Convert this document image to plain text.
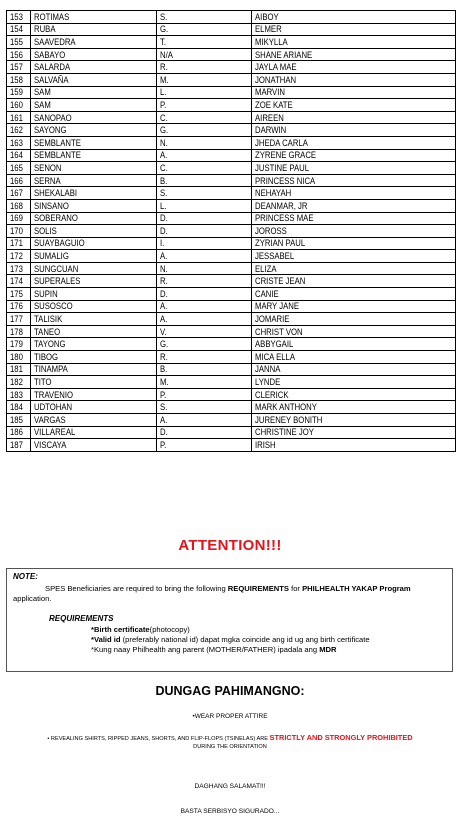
153	ROTIMAS	S.	AIBOY
154	RUBA	G.	ELMER
155	SAAVEDRA	T.	MIKYLLA
156	SABAYO	N/A	SHANE ARIANE
157	SALARDA	R.	JAYLA MAE
158	SALVAÑA	M.	JONATHAN
159	SAM	L.	MARVIN
160	SAM	P.	ZOE KATE
161	SANOPAO	C.	AIREEN
162	SAYONG	G.	DARWIN
163	SEMBLANTE	N.	JHEDA CARLA
164	SEMBLANTE	A.	ZYRENE GRACE
165	SENON	C.	JUSTINE PAUL
166	SERNA	B.	PRINCESS NICA
167	SHEKALABI	S.	NEHAYAH
168	SINSANO	L.	DEANMAR, JR
169	SOBERANO	D.	PRINCESS MAE
170	SOLIS	D.	JOROSS
171	SUAYBAGUIO	I.	ZYRIAN PAUL
172	SUMALIG	A.	JESSABEL
173	SUNGCUAN	N.	ELIZA
174	SUPERALES	R.	CRISTE JEAN
175	SUPIN	D.	CANIE
176	SUSOSCO	A.	MARY JANE
177	TALISIK	A.	JOMARIE
178	TANEO	V.	CHRIST VON
179	TAYONG	G.	ABBYGAIL
180	TIBOG	R.	MICA ELLA
181	TINAMPA	B.	JANNA
182	TITO	M.	LYNDE
183	TRAVENIO	P.	CLERICK
184	UDTOHAN	S.	MARK ANTHONY
185	VARGAS	A.	JURENEY BONITH
186	VILLAREAL	D.	CHRISTINE JOY
187	VISCAYA	P.	IRISH
ATTENTION!!!
NOTE:
SPES Beneficiaries are required to bring the following REQUIREMENTS for PHILHEALTH YAKAP Program application.
REQUIREMENTS
*Birth certificate(photocopy)
*Valid id (preferably national id) dapat mgka coincide ang id ug ang birth certificate
*Kung naay Philhealth ang parent (MOTHER/FATHER) ipadala ang MDR
DUNGAG PAHIMANGNO:
•WEAR PROPER ATTIRE
• REVEALING SHIRTS, RIPPED JEANS, SHORTS, AND FLIP-FLOPS (TSINELAS) ARE STRICTLY AND STRONGLY PROHIBITED
DURING THE ORIENTATION
DAGHANG SALAMAT!!!
BASTA SERBISYO SIGURADO...
